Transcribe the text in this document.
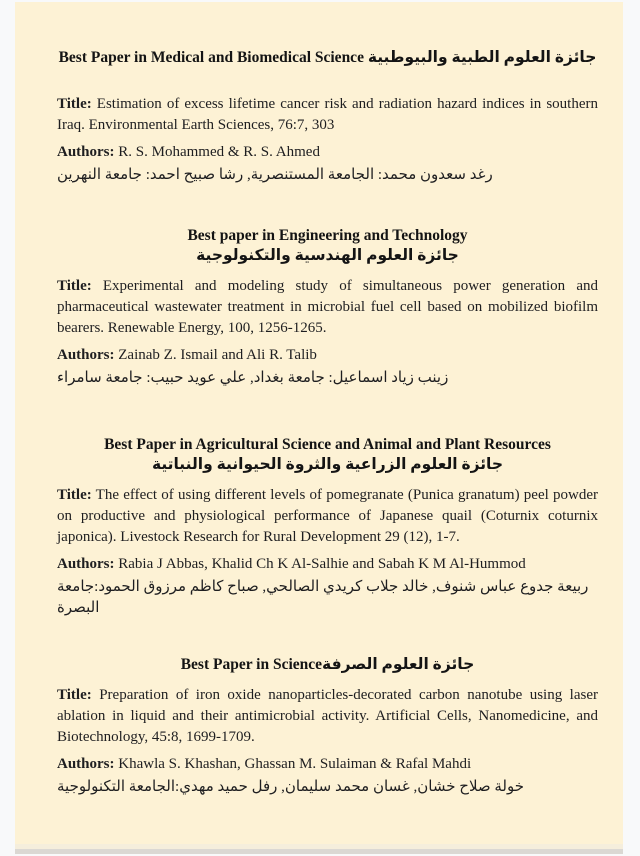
Best Paper in Medical and Biomedical Science جائزة العلوم الطبية والبيوطبية

Title: Estimation of excess lifetime cancer risk and radiation hazard indices in southern Iraq. Environmental Earth Sciences, 76:7, 303

Authors: R. S. Mohammed & R. S. Ahmed

رغد سعدون محمد: الجامعة المستنصرية, رشا صبيح احمد: جامعة النهرين

Best paper in Engineering and Technology
جائزة العلوم الهندسية والتكنولوجية

Title: Experimental and modeling study of simultaneous power generation and pharmaceutical wastewater treatment in microbial fuel cell based on mobilized biofilm bearers. Renewable Energy, 100, 1256-1265.

Authors: Zainab Z. Ismail and Ali R. Talib

زينب زياد اسماعيل: جامعة بغداد, علي عويد حبيب: جامعة سامراء

Best Paper in Agricultural Science and Animal and Plant Resources
جائزة العلوم الزراعية والثروة الحيوانية والنباتية

Title: The effect of using different levels of pomegranate (Punica granatum) peel powder on productive and physiological performance of Japanese quail (Coturnix coturnix japonica). Livestock Research for Rural Development 29 (12), 1-7.

Authors: Rabia J Abbas, Khalid Ch K Al-Salhie and Sabah K M Al-Hummod

ربيعة جدوع عباس شنوف, خالد جلاب كريدي الصالحي, صباح كاظم مرزوق الحمود:جامعة البصرة

Best Paper in Scienceجائزة العلوم الصرفة

Title: Preparation of iron oxide nanoparticles-decorated carbon nanotube using laser ablation in liquid and their antimicrobial activity. Artificial Cells, Nanomedicine, and Biotechnology, 45:8, 1699-1709.

Authors: Khawla S. Khashan, Ghassan M. Sulaiman & Rafal Mahdi

خولة صلاح خشان, غسان محمد سليمان, رفل حميد مهدي:الجامعة التكنولوجية
